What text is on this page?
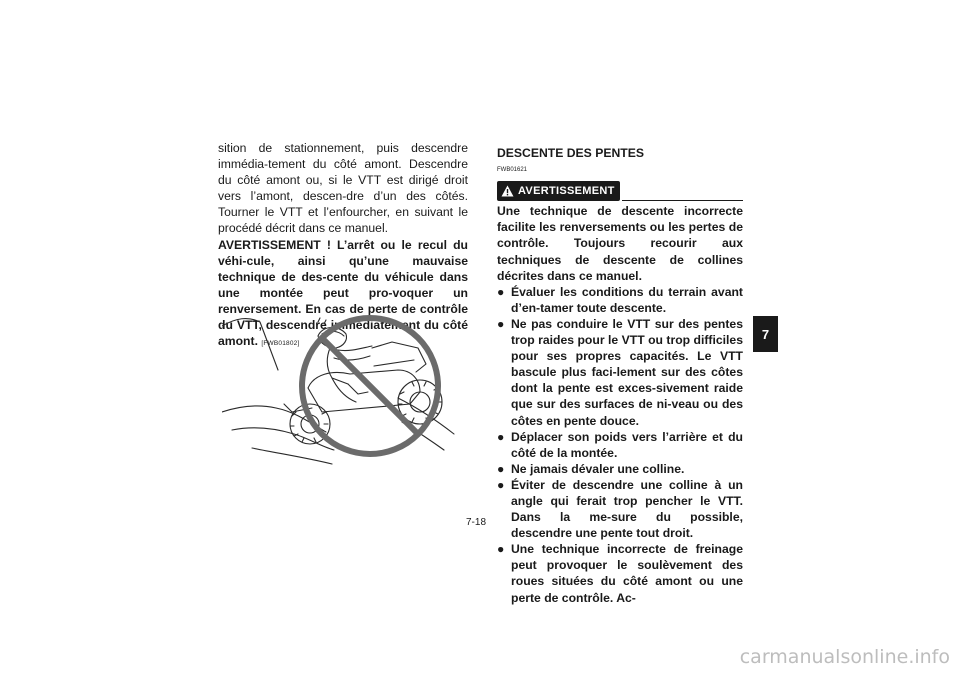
sition de stationnement, puis descendre immédia-tement du côté amont. Descendre du côté amont ou, si le VTT est dirigé droit vers l’amont, descen-dre d’un des côtés. Tourner le VTT et l’enfourcher, en suivant le procédé décrit dans ce manuel.

AVERTISSEMENT ! L’arrêt ou le recul du véhi-cule, ainsi qu’une mauvaise technique de des-cente du véhicule dans une montée peut pro-voquer un renversement. En cas de perte de contrôle du VTT, descendre immédiatement du côté amont. [FWB01802]

DESCENTE DES PENTES
FWB01621
AVERTISSEMENT

Une technique de descente incorrecte facilite les renversements ou les pertes de contrôle. Toujours recourir aux techniques de descente de collines décrites dans ce manuel.

● Évaluer les conditions du terrain avant d’en-tamer toute descente.
● Ne pas conduire le VTT sur des pentes trop raides pour le VTT ou trop difficiles pour ses propres capacités. Le VTT bascule plus faci-lement sur des côtes dont la pente est exces-sivement raide que sur des surfaces de ni-veau ou des côtes en pente douce.
● Déplacer son poids vers l’arrière et du côté de la montée.
● Ne jamais dévaler une colline.
● Éviter de descendre une colline à un angle qui ferait trop pencher le VTT. Dans la me-sure du possible, descendre une pente tout droit.
● Une technique incorrecte de freinage peut provoquer le soulèvement des roues situées du côté amont ou une perte de contrôle. Ac-
7
7-18
carmanualsonline.info
